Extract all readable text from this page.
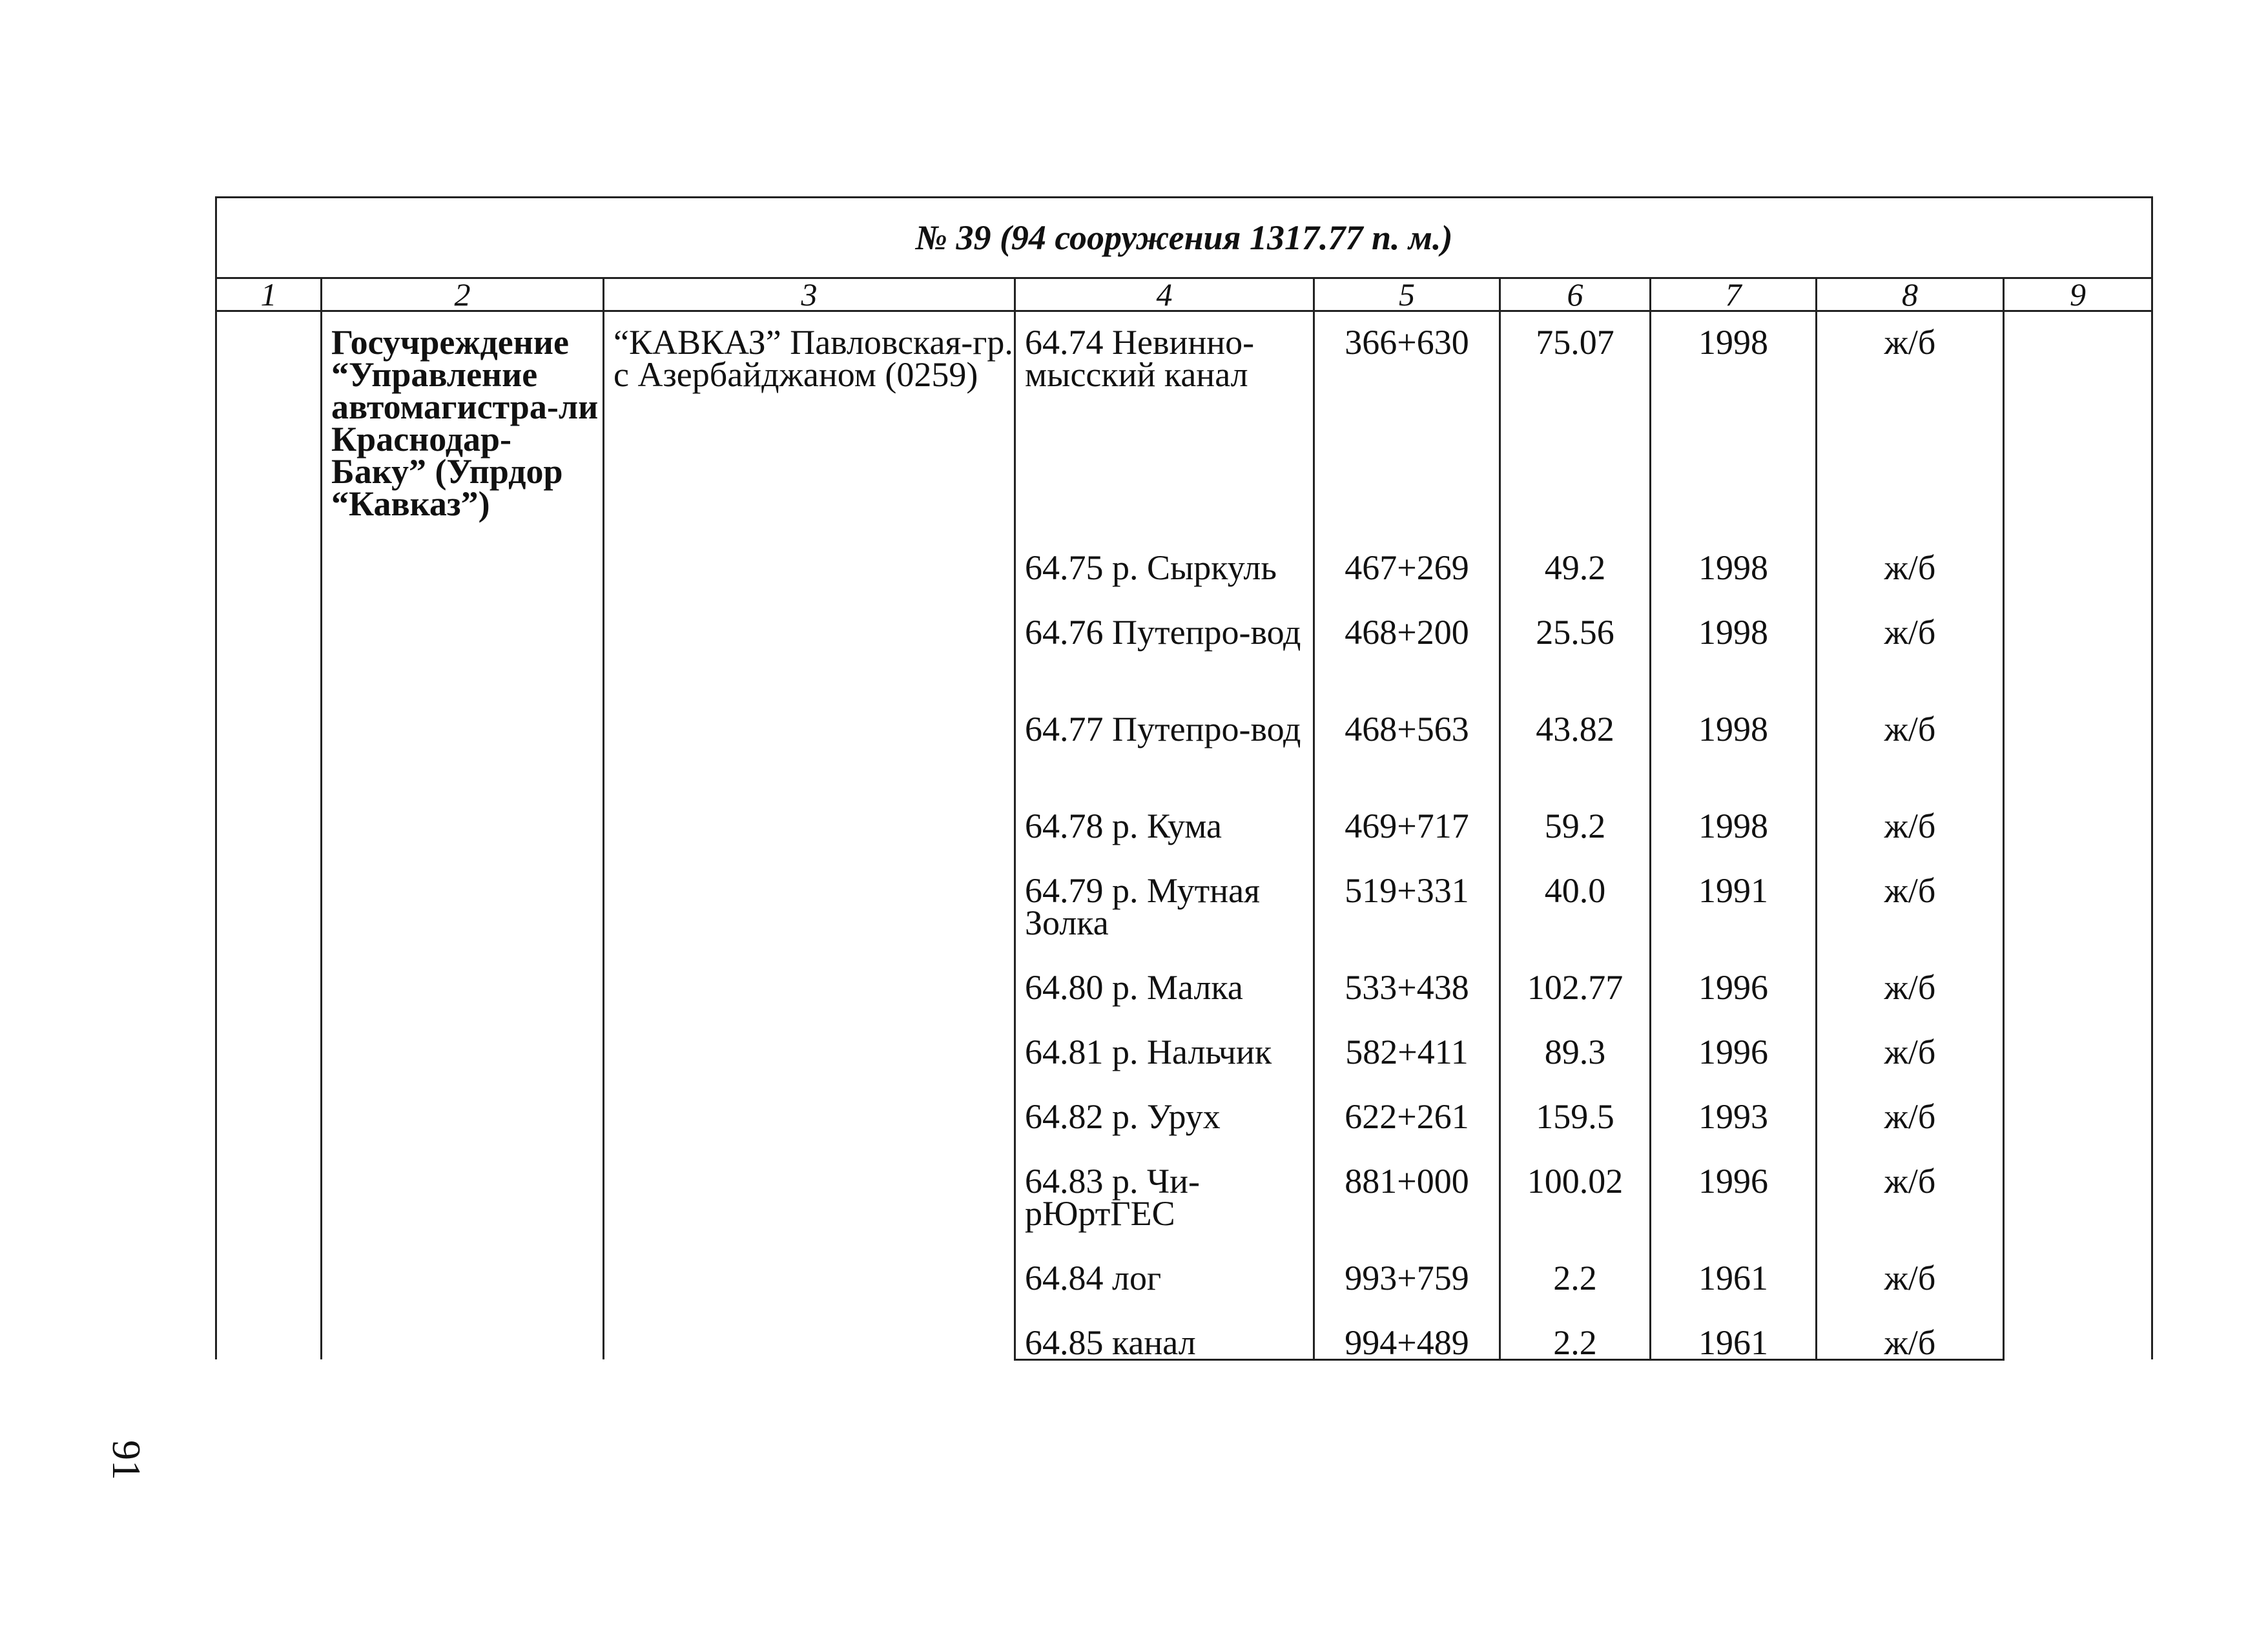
№ 39 (94 сооружения 1317.77 п. м.)								
1	2	3	4	5	6	7	8	9
	Госучреждение “Управление автомагистра-ли Краснодар-Баку” (Упрдор “Кавказ”)	“КАВКАЗ” Павловская-гр. с Азербайджаном (0259)	64.74 Невинно-мысский канал	366+630	75.07	1998	ж/б	
			64.75 р. Сыркуль	467+269	49.2	1998	ж/б	
			64.76 Путепро-вод	468+200	25.56	1998	ж/б	
			64.77 Путепро-вод	468+563	43.82	1998	ж/б	
			64.78 р. Кума	469+717	59.2	1998	ж/б	
			64.79 р. Мутная Золка	519+331	40.0	1991	ж/б	
			64.80 р. Малка	533+438	102.77	1996	ж/б	
			64.81 р. Нальчик	582+411	89.3	1996	ж/б	
			64.82 р. Урух	622+261	159.5	1993	ж/б	
			64.83 р. Чи-рЮртГЕС	881+000	100.02	1996	ж/б	
			64.84 лог	993+759	2.2	1961	ж/б	
			64.85 канал	994+489	2.2	1961	ж/б	
91
